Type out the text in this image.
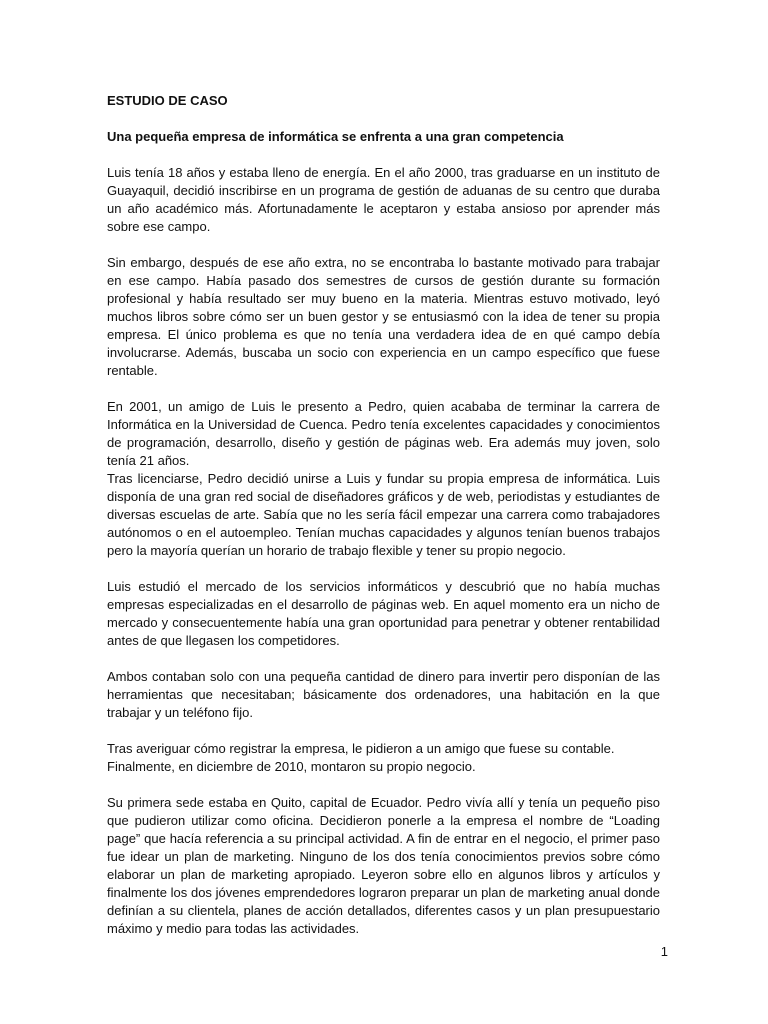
ESTUDIO DE CASO

Una pequeña empresa de informática se enfrenta a una gran competencia

Luis tenía 18 años y estaba lleno de energía. En el año 2000, tras graduarse en un instituto de Guayaquil, decidió inscribirse en un programa de gestión de aduanas de su centro que duraba un año académico más. Afortunadamente le aceptaron y estaba ansioso por aprender más sobre ese campo.

Sin embargo, después de ese año extra, no se encontraba lo bastante motivado para trabajar en ese campo. Había pasado dos semestres de cursos de gestión durante su formación profesional y había resultado ser muy bueno en la materia. Mientras estuvo motivado, leyó muchos libros sobre cómo ser un buen gestor y se entusiasmó con la idea de tener su propia empresa. El único problema es que no tenía una verdadera idea de en qué campo debía involucrarse. Además, buscaba un socio con experiencia en un campo específico que fuese rentable.

En 2001, un amigo de Luis le presento a Pedro, quien acababa de terminar la carrera de Informática en la Universidad de Cuenca. Pedro tenía excelentes capacidades y conocimientos de programación, desarrollo, diseño y gestión de páginas web. Era además muy joven, solo tenía 21 años.

Tras licenciarse, Pedro decidió unirse a Luis y fundar su propia empresa de informática. Luis disponía de una gran red social de diseñadores gráficos y de web, periodistas y estudiantes de diversas escuelas de arte. Sabía que no les sería fácil empezar una carrera como trabajadores autónomos o en el autoempleo. Tenían muchas capacidades y algunos tenían buenos trabajos pero la mayoría querían un horario de trabajo flexible y tener su propio negocio.

Luis estudió el mercado de los servicios informáticos y descubrió que no había muchas empresas especializadas en el desarrollo de páginas web. En aquel momento era un nicho de mercado y consecuentemente había una gran oportunidad para penetrar y obtener rentabilidad antes de que llegasen los competidores.

Ambos contaban solo con una pequeña cantidad de dinero para invertir pero disponían de las herramientas que necesitaban; básicamente dos ordenadores, una habitación en la que trabajar y un teléfono fijo.

Tras averiguar cómo registrar la empresa, le pidieron a un amigo que fuese su contable.

Finalmente, en diciembre de 2010, montaron su propio negocio.

Su primera sede estaba en Quito, capital de Ecuador. Pedro vivía allí y tenía un pequeño piso que pudieron utilizar como oficina. Decidieron ponerle a la empresa el nombre de “Loading page” que hacía referencia a su principal actividad. A fin de entrar en el negocio, el primer paso fue idear un plan de marketing. Ninguno de los dos tenía conocimientos previos sobre cómo elaborar un plan de marketing apropiado. Leyeron sobre ello en algunos libros y artículos y finalmente los dos jóvenes emprendedores lograron preparar un plan de marketing anual donde definían a su clientela, planes de acción detallados, diferentes casos y un plan presupuestario máximo y medio para todas las actividades.

1
